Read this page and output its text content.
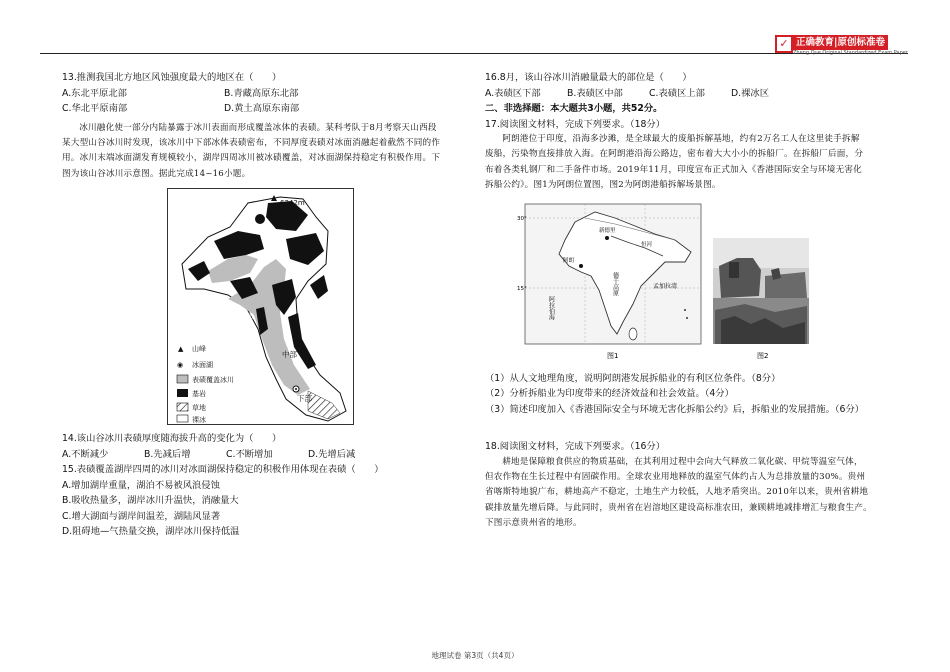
✓ 正确教育|原创标准卷
Zheng Que Original Standardized Exam Paper

13.推测我国北方地区风蚀强度最大的地区在（　　）

A.东北平原北部	B.青藏高原东北部
C.华北平原南部	D.黄土高原东南部

冰川融化使一部分内陆暴露于冰川表面而形成覆盖冰体的表碛。某科考队于8月考察天山西段

某大型山谷冰川时发现，该冰川中下部冰体表碛密布，不同厚度表碛对冰面消融起着截然不同的作

用。冰川末端冰面湖发育规模较小，湖岸四周冰川被冰碛覆盖，对冰面湖保持稳定有积极作用。下

图为该山谷冰川示意图。据此完成14~16小题。

6342m
上部
中部
下部
▲ 山峰
◉ 冰面湖
表碛覆盖冰川
基岩
草地
裸冰

14.该山谷冰川表碛厚度随海拔升高的变化为（　　）

A.不断减少	B.先减后增	C.不断增加	D.先增后减

15.表碛覆盖湖岸四周的冰川对冰面湖保持稳定的积极作用体现在表碛（　　）

A.增加湖岸重量，湖泊不易被风浪侵蚀

B.吸收热量多，湖岸冰川升温快，消融量大

C.增大湖面与湖岸间温差，湖陆风显著

D.阻碍地—气热量交换，湖岸冰川保持低温

16.8月，该山谷冰川消融量最大的部位是（　　）

A.表碛区下部	B.表碛区中部	C.表碛区上部	D.裸冰区

二、非选择题：本大题共3小题，共52分。

17.阅读图文材料，完成下列要求。（18分）

阿朗港位于印度，沿海多沙滩，是全球最大的废船拆解基地，约有2万名工人在这里徒手拆解

废船，污染物直接排放入海。在阿朗港沿海公路边，密布着大大小小的拆船厂。在拆船厂后面，分

布着各类轧钢厂和二手备件市场。2019年11月，印度宣布正式加入《香港国际安全与环境无害化

拆船公约》。图1为阿朗位置图，图2为阿朗港船拆解场景图。

30°
15°
新德里
恒河
阿拉伯海
德干高原	孟加拉湾
阿朗
图1	图2

（1）从人文地理角度，说明阿朗港发展拆船业的有利区位条件。（8分）

（2）分析拆船业为印度带来的经济效益和社会效益。（4分）

（3）简述印度加入《香港国际安全与环境无害化拆船公约》后，拆船业的发展措施。（6分）

18.阅读图文材料，完成下列要求。（16分）

耕地是保障粮食供应的物质基础，在其利用过程中会向大气释放二氧化碳、甲烷等温室气体，

但农作物在生长过程中有固碳作用。全球农业用地释放的温室气体约占人为总排放量的30%。贵州

省喀斯特地貌广布，耕地高产不稳定，土地生产力较低，人地矛盾突出。2010年以来，贵州省耕地

碳排放量先增后降。与此同时，贵州省在岩溶地区建设高标准农田，兼顾耕地减排增汇与粮食生产。

下图示意贵州省的地形。

地理试卷 第3页（共4页）
